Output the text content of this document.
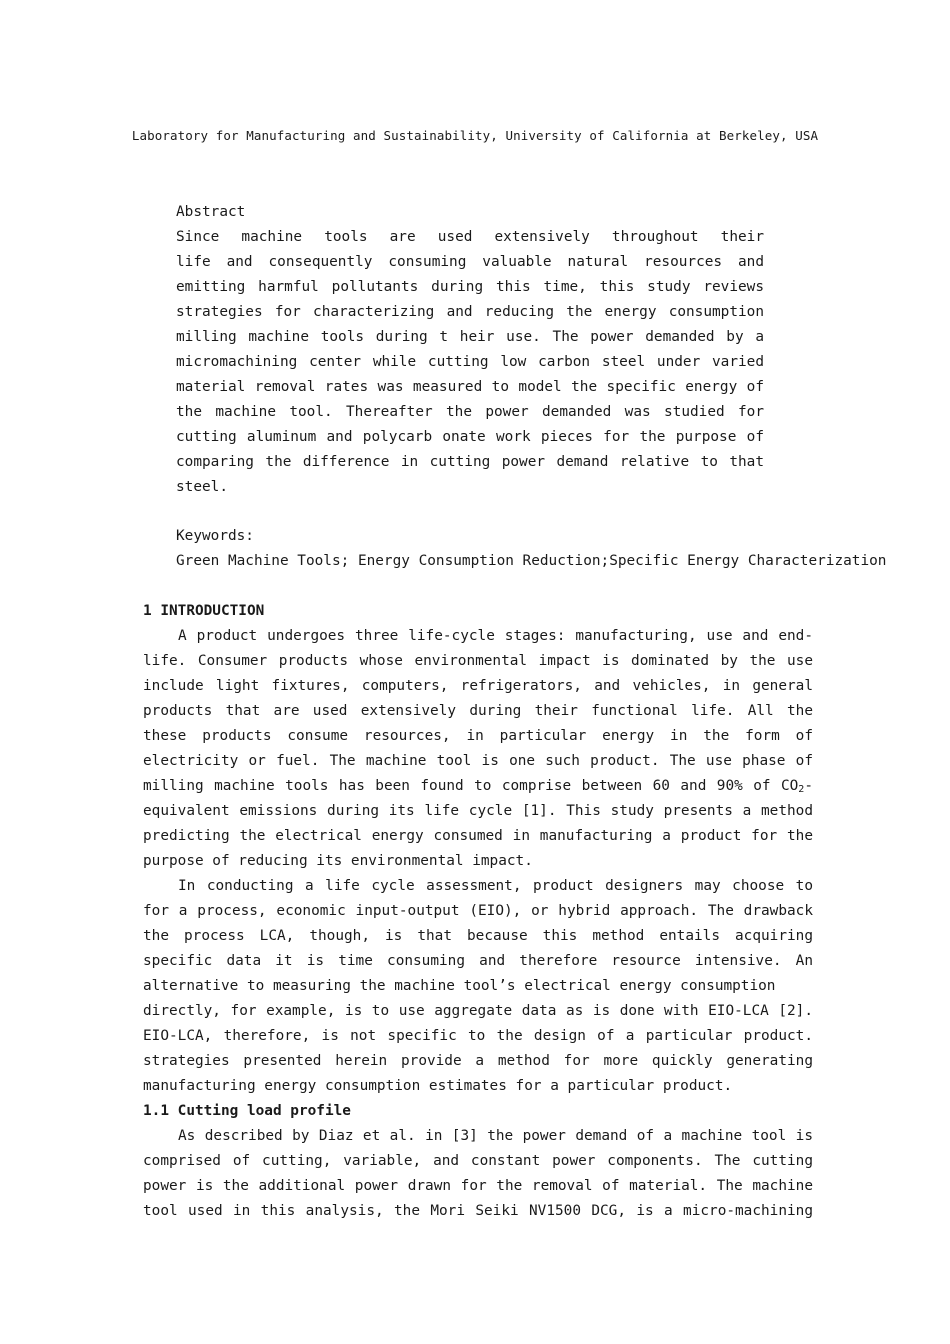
Laboratory for Manufacturing and Sustainability, University of California at Berkeley, USA
Abstract
Since machine tools are used extensively throughout their
life and consequently consuming valuable natural resources and
emitting harmful pollutants during this time, this study reviews
strategies for characterizing and reducing the energy consumption
milling machine tools during t heir use. The power demanded by a
micromachining center while cutting low carbon steel under varied
material removal rates was measured to model the specific energy of
the machine tool. Thereafter the power demanded was studied for
cutting aluminum and polycarb onate work pieces for the purpose of
comparing the difference in cutting power demand relative to that
steel.
Keywords:
Green Machine Tools; Energy Consumption Reduction;Specific Energy Characterization
1 INTRODUCTION
A product undergoes three life-cycle stages: manufacturing, use and end-
life. Consumer products whose environmental impact is dominated by the use
include light fixtures, computers, refrigerators, and vehicles, in general
products that are used extensively during their functional life. All the
these products consume resources, in particular energy in the form of
electricity or fuel. The machine tool is one such product. The use phase of
milling machine tools has been found to comprise between 60 and 90% of $CO_2-$
equivalent emissions during its life cycle [1]. This study presents a method
predicting the electrical energy consumed in manufacturing a product for the
purpose of reducing its environmental impact.
In conducting a life cycle assessment, product designers may choose to
for a process, economic input-output (EIO), or hybrid approach. The drawback
the process LCA, though, is that because this method entails acquiring
specific data it is time consuming and therefore resource intensive. An
alternative to measuring the machine tool’s electrical energy consumption
directly, for example, is to use aggregate data as is done with EIO-LCA [2].
EIO-LCA, therefore, is not specific to the design of a particular product.
strategies presented herein provide a method for more quickly generating
manufacturing energy consumption estimates for a particular product.
1.1 Cutting load profile
As described by Diaz et al. in [3] the power demand of a machine tool is
comprised of cutting, variable, and constant power components. The cutting
power is the additional power drawn for the removal of material. The machine
tool used in this analysis, the Mori Seiki NV1500 DCG, is a micro-machining
